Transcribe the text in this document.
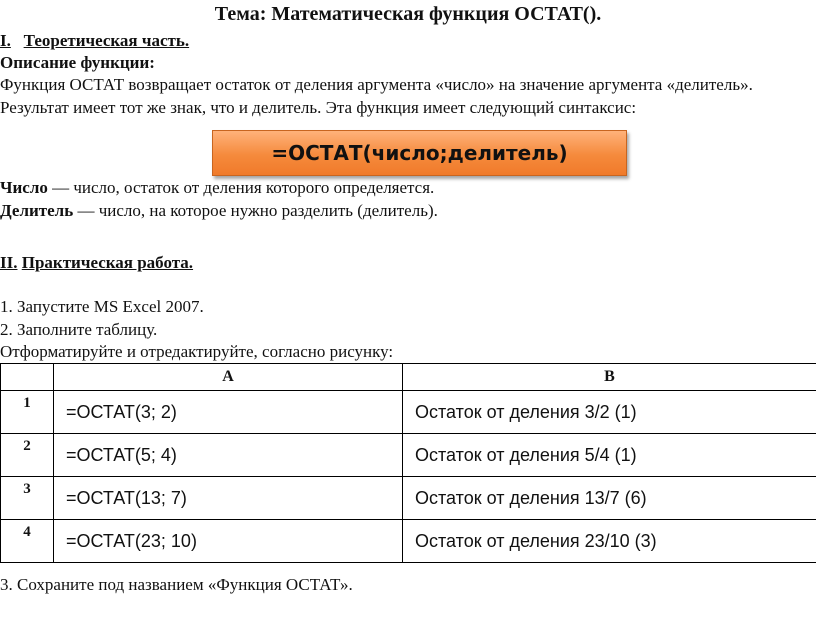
Тема: Математическая функция ОСТАТ().
I. Теоретическая часть.
Описание функции:
Функция ОСТАТ возвращает остаток от деления аргумента «число» на значение аргумента «делитель».
Результат имеет тот же знак, что и делитель. Эта функция имеет следующий синтаксис:
=ОСТАТ(число;делитель)
Число — число, остаток от деления которого определяется.
Делитель — число, на которое нужно разделить (делитель).
II. Практическая работа.
1. Запустите MS Excel 2007.
2. Заполните таблицу.
Отформатируйте и отредактируйте, согласно рисунку:
	A	B
1	=ОСТАТ(3; 2)	Остаток от деления 3/2 (1)
2	=ОСТАТ(5; 4)	Остаток от деления 5/4 (1)
3	=ОСТАТ(13; 7)	Остаток от деления 13/7 (6)
4	=ОСТАТ(23; 10)	Остаток от деления 23/10 (3)
3. Сохраните под названием «Функция ОСТАТ».
